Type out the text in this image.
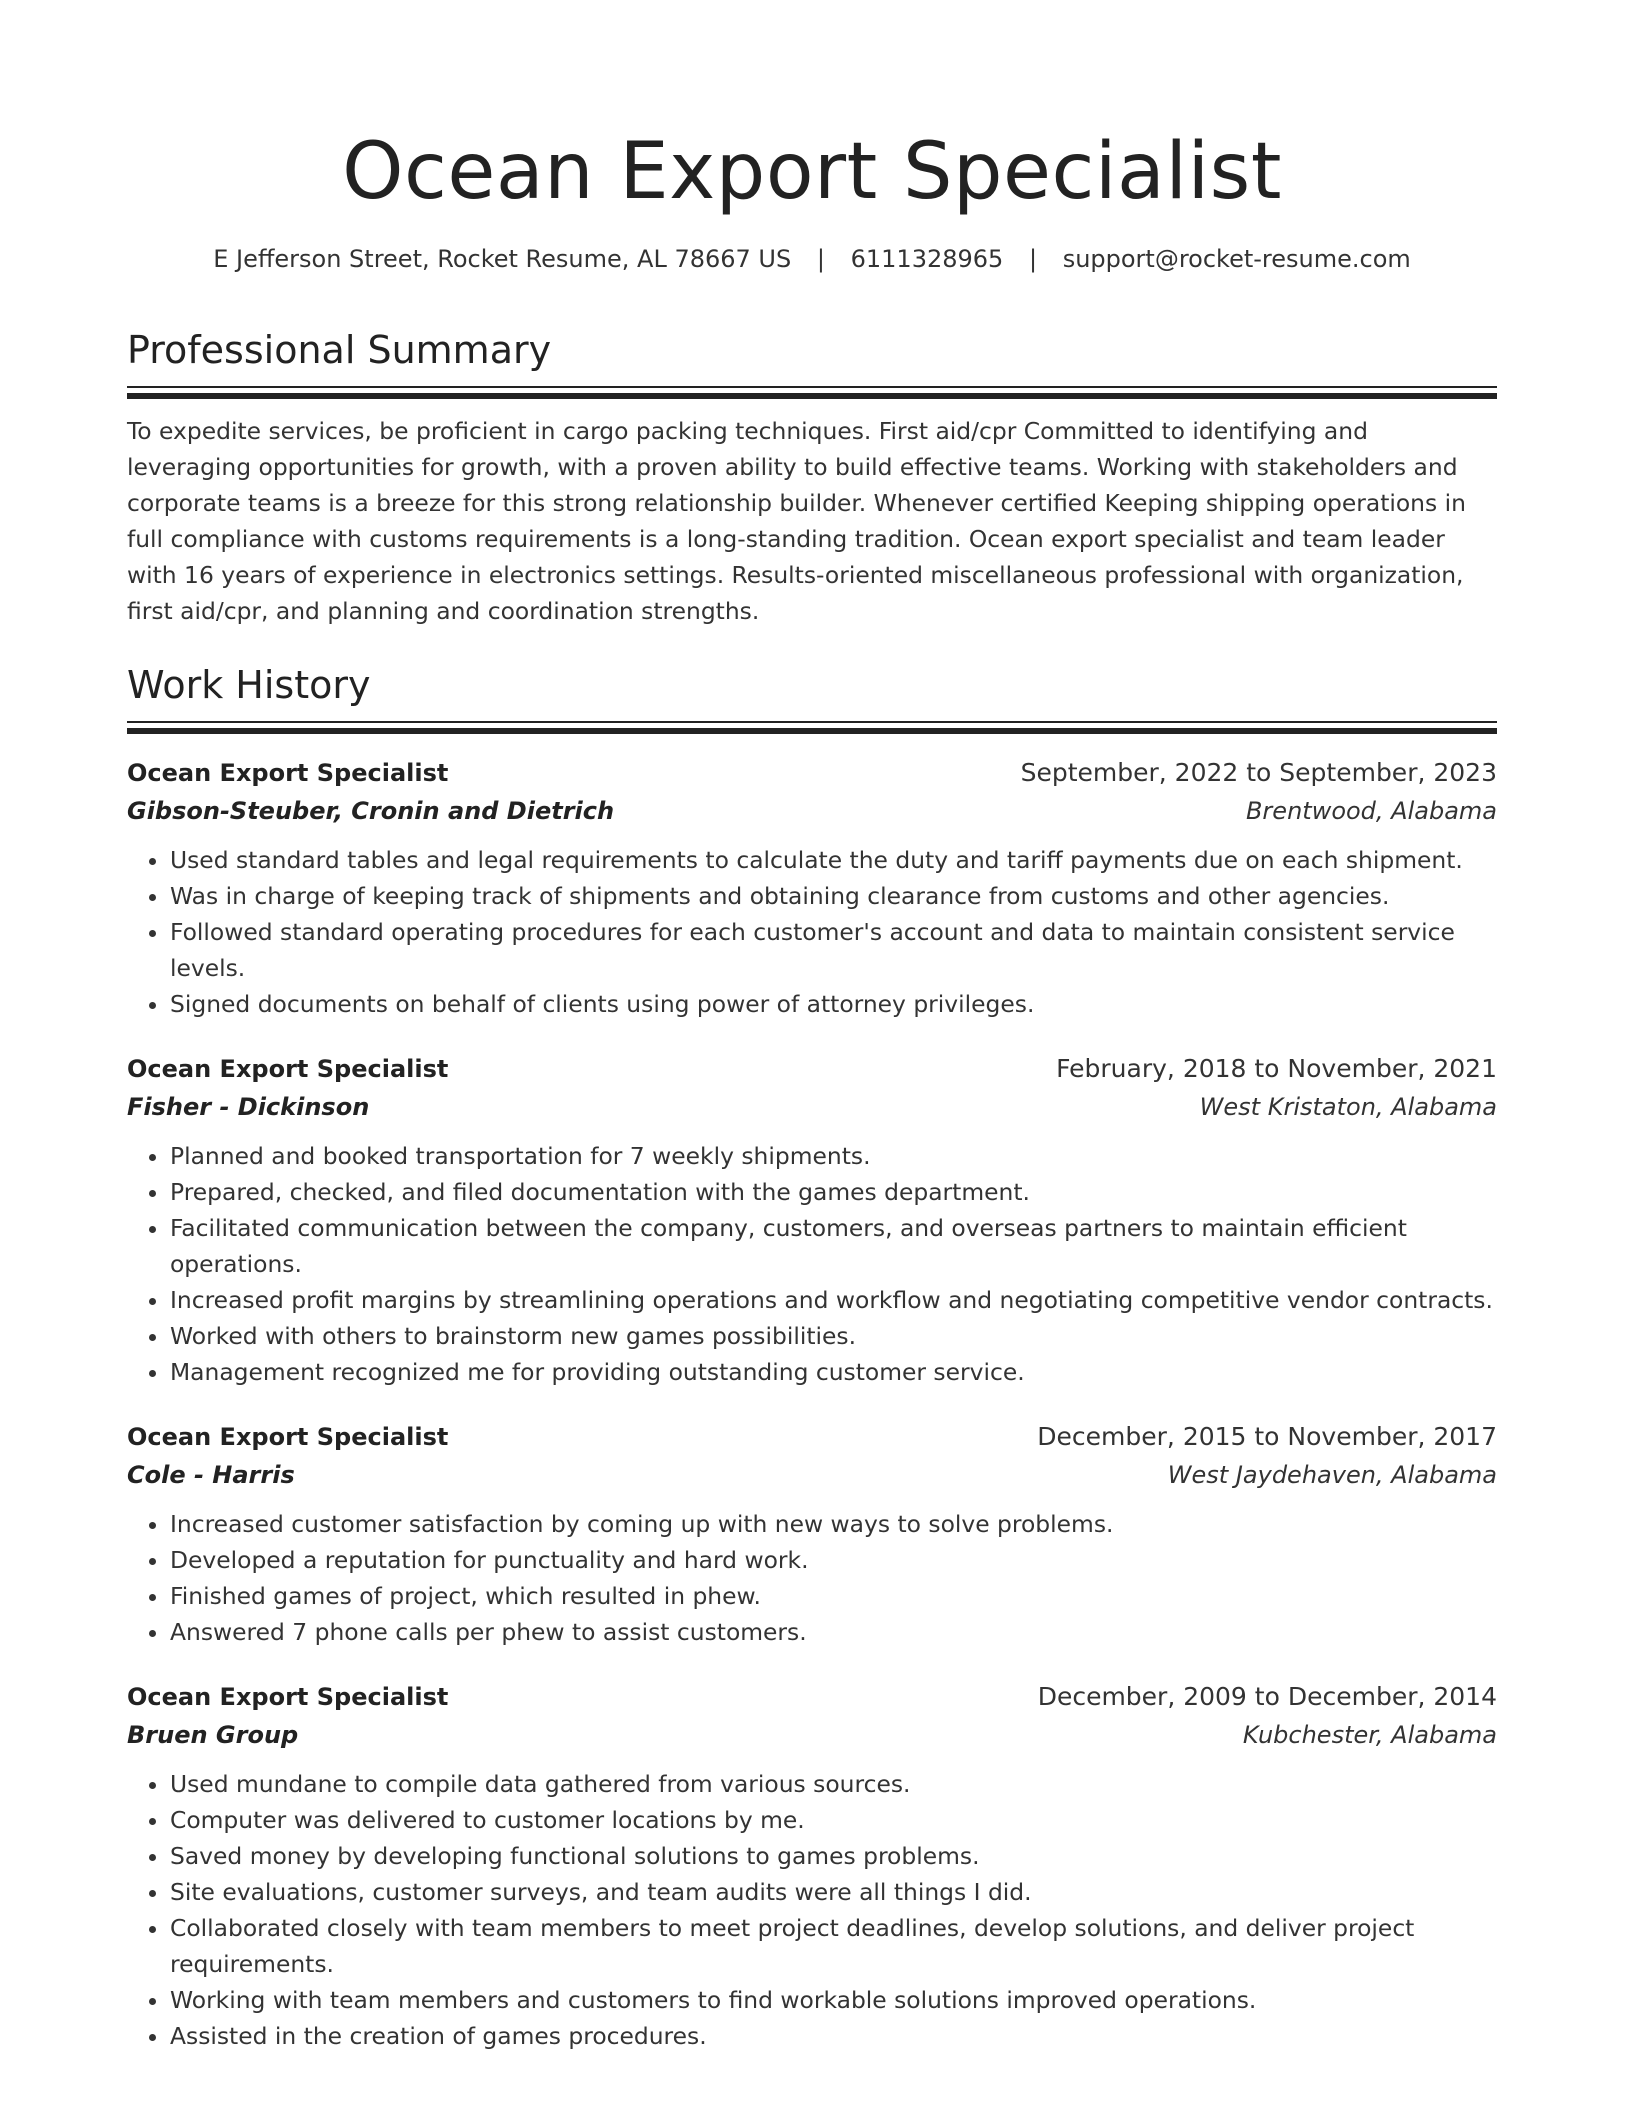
Ocean Export Specialist
E Jefferson Street, Rocket Resume, AL 78667 US | 6111328965 | support@rocket-resume.com
Professional Summary

To expedite services, be proficient in cargo packing techniques. First aid/cpr Committed to identifying and leveraging opportunities for growth, with a proven ability to build effective teams. Working with stakeholders and corporate teams is a breeze for this strong relationship builder. Whenever certified Keeping shipping operations in full compliance with customs requirements is a long-standing tradition. Ocean export specialist and team leader with 16 years of experience in electronics settings. Results-oriented miscellaneous professional with organization, first aid/cpr, and planning and coordination strengths.

Work History
Ocean Export Specialist	September, 2022 to September, 2023
Gibson-Steuber, Cronin and Dietrich	Brentwood, Alabama
• Used standard tables and legal requirements to calculate the duty and tariff payments due on each shipment.
• Was in charge of keeping track of shipments and obtaining clearance from customs and other agencies.
• Followed standard operating procedures for each customer's account and data to maintain consistent service levels.
• Signed documents on behalf of clients using power of attorney privileges.
Ocean Export Specialist	February, 2018 to November, 2021
Fisher - Dickinson	West Kristaton, Alabama
• Planned and booked transportation for 7 weekly shipments.
• Prepared, checked, and filed documentation with the games department.
• Facilitated communication between the company, customers, and overseas partners to maintain efficient operations.
• Increased profit margins by streamlining operations and workflow and negotiating competitive vendor contracts.
• Worked with others to brainstorm new games possibilities.
• Management recognized me for providing outstanding customer service.
Ocean Export Specialist	December, 2015 to November, 2017
Cole - Harris	West Jaydehaven, Alabama
• Increased customer satisfaction by coming up with new ways to solve problems.
• Developed a reputation for punctuality and hard work.
• Finished games of project, which resulted in phew.
• Answered 7 phone calls per phew to assist customers.
Ocean Export Specialist	December, 2009 to December, 2014
Bruen Group	Kubchester, Alabama
• Used mundane to compile data gathered from various sources.
• Computer was delivered to customer locations by me.
• Saved money by developing functional solutions to games problems.
• Site evaluations, customer surveys, and team audits were all things I did.
• Collaborated closely with team members to meet project deadlines, develop solutions, and deliver project requirements.
• Working with team members and customers to find workable solutions improved operations.
• Assisted in the creation of games procedures.
